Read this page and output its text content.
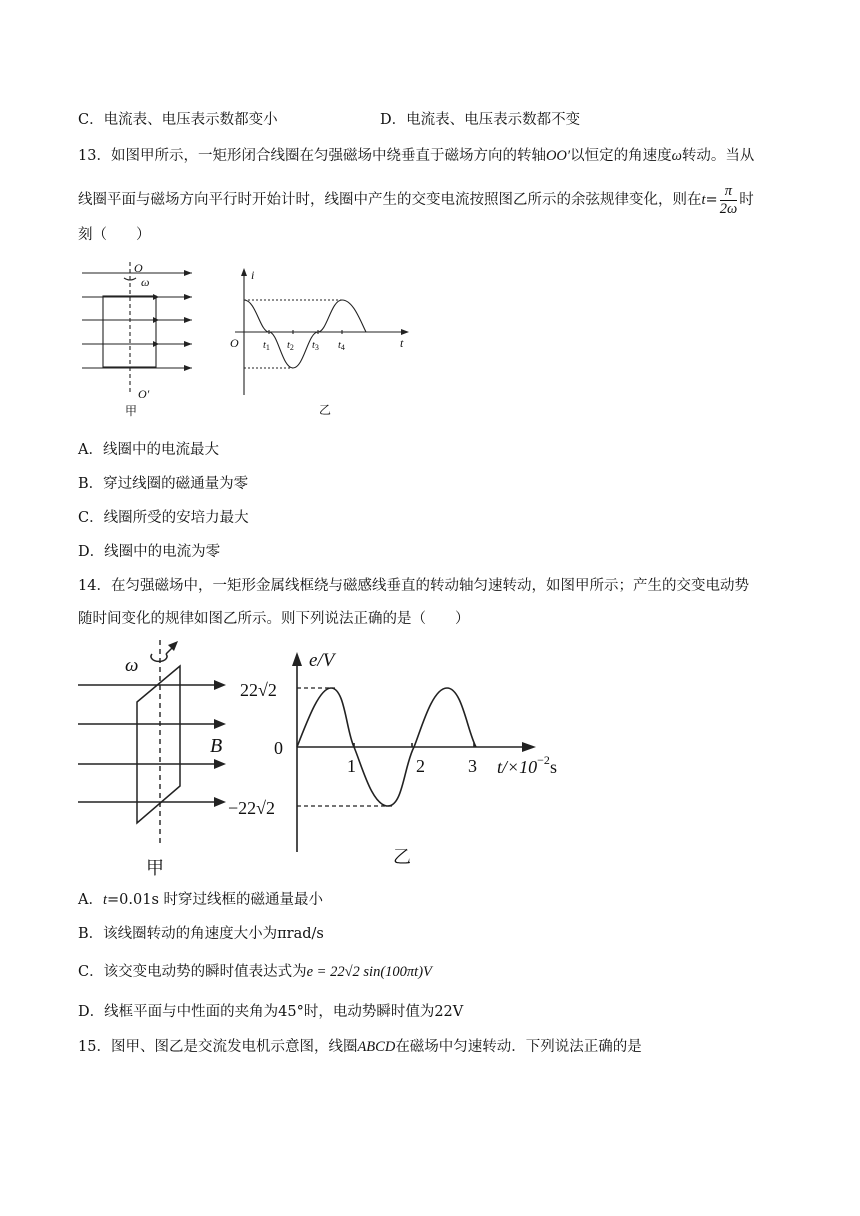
C．电流表、电压表示数都变小	D．电流表、电压表示数都不变
13．如图甲所示，一矩形闭合线圈在匀强磁场中绕垂直于磁场方向的转轴OO′以恒定的角速度ω转动。当从
线圈平面与磁场方向平行时开始计时，线圈中产生的交变电流按照图乙所示的余弦规律变化，则在$t= \frac{\pi}{2\omega}$ 时
刻（　　）
O
ω
O′
甲
i
t
O t1 t2 t3 t4
乙
A．线圈中的电流最大
B．穿过线圈的磁通量为零
C．线圈所受的安培力最大
D．线圈中的电流为零
14．在匀强磁场中，一矩形金属线框绕与磁感线垂直的转动轴匀速转动，如图甲所示；产生的交变电动势
随时间变化的规律如图乙所示。则下列说法正确的是（　　）
ω
B
甲
e/V
$t/\times 10^{-2}s$
22√2
−22√2
0
1	2 3
乙
A．t=0.01s 时穿过线框的磁通量最小
B．该线圈转动的角速度大小为πrad/s
C．该交变电动势的瞬时值表达式为e = 22√2 sin(100πt)V
D．线框平面与中性面的夹角为45°时，电动势瞬时值为22V
15．图甲、图乙是交流发电机示意图，线圈ABCD在磁场中匀速转动．下列说法正确的是
